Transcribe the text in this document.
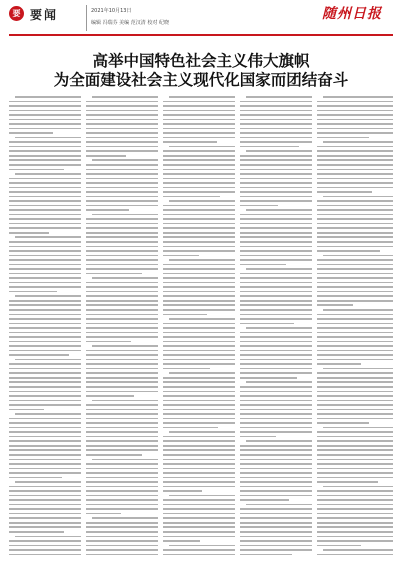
要 要闻	2021年10月13日
编辑 冯瑞芬 美编 范汉清 校对 纪晓
随州日报
高举中国特色社会主义伟大旗帜
为全面建设社会主义现代化国家而团结奋斗
